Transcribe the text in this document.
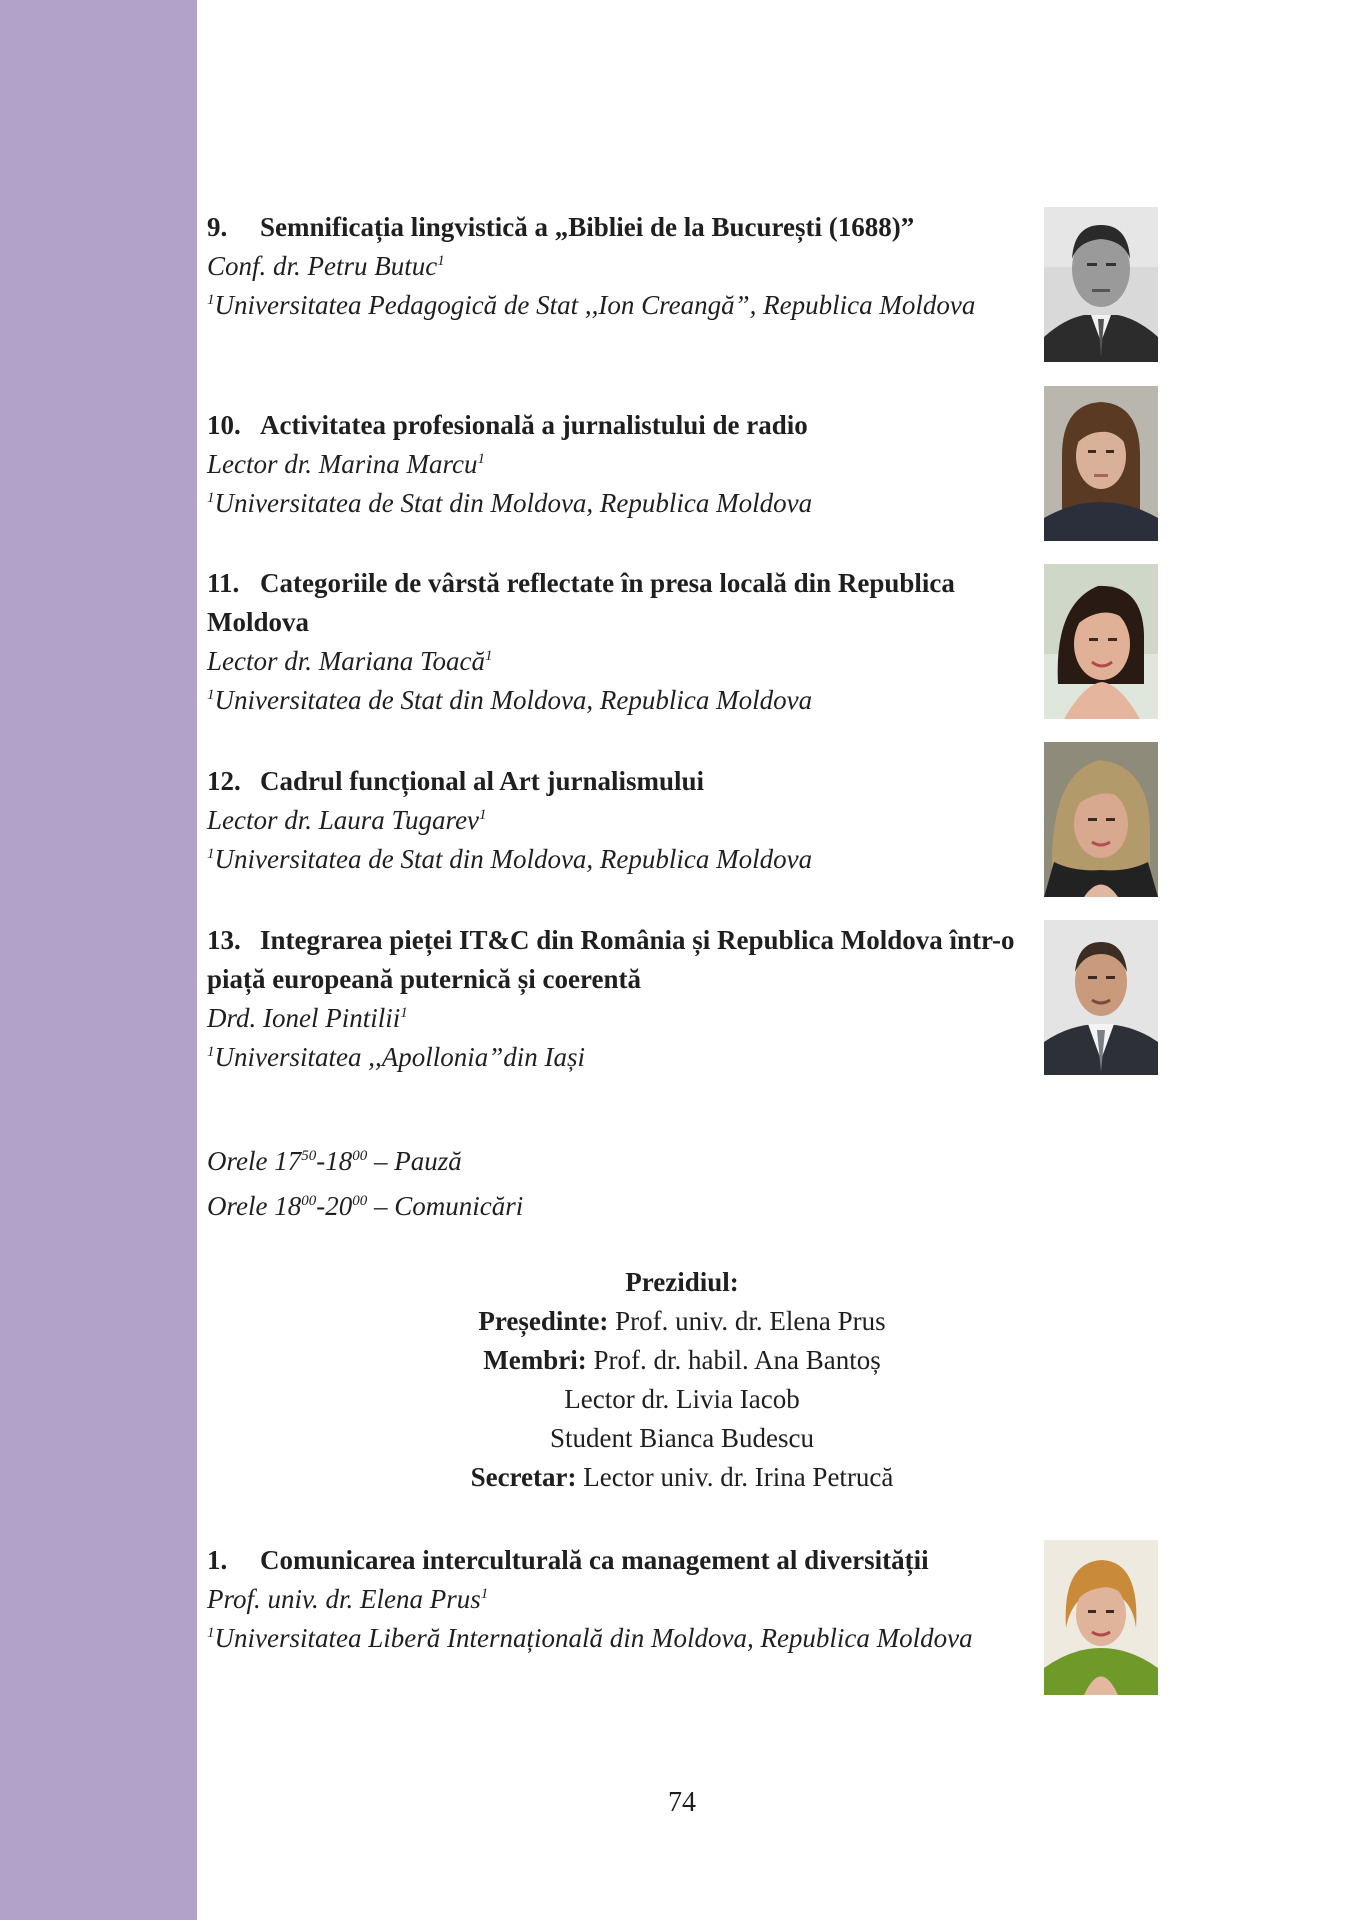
9. Semnificația lingvistică a „Bibliei de la București (1688)”
Conf. dr. Petru Butuc$^1$
$^1$Universitatea Pedagogică de Stat ,,Ion Creangă”, Republica Moldova
10. Activitatea profesională a jurnalistului de radio
Lector dr. Marina Marcu$^1$
$^1$Universitatea de Stat din Moldova, Republica Moldova
11. Categoriile de vârstă reflectate în presa locală din Republica Moldova
Lector dr. Mariana Toacă$^1$
$^1$Universitatea de Stat din Moldova, Republica Moldova
12. Cadrul funcțional al Art jurnalismului
Lector dr. Laura Tugarev$^1$
$^1$Universitatea de Stat din Moldova, Republica Moldova
13. Integrarea pieței IT&C din România și Republica Moldova într-o piață europeană puternică și coerentă
Drd. Ionel Pintilii$^1$
$^1$Universitatea ,,Apollonia”din Iași
Orele $17^{50}-18^{00}$ – Pauză
Orele $18^{00}-20^{00}$ – Comunicări
Prezidiul:
Președinte: Prof. univ. dr. Elena Prus
Membri: Prof. dr. habil. Ana Bantoș
Lector dr. Livia Iacob
Student Bianca Budescu
Secretar: Lector univ. dr. Irina Petrucă
1. Comunicarea interculturală ca management al diversității
Prof. univ. dr. Elena Prus$^1$
$^1$Universitatea Liberă Internațională din Moldova, Republica Moldova
74
